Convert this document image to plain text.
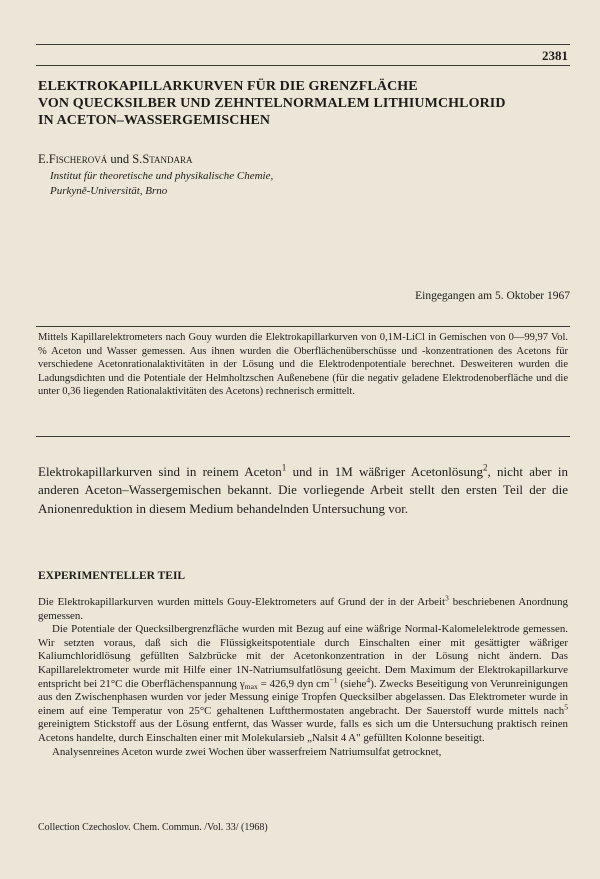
2381
ELEKTROKAPILLARKURVEN FÜR DIE GRENZFLÄCHE
VON QUECKSILBER UND ZEHNTELNORMALEM LITHIUMCHLORID
IN ACETON–WASSERGEMISCHEN
E.Fischerová und S.Standara
Institut für theoretische und physikalische Chemie,
Purkyně-Universität, Brno
Eingegangen am 5. Oktober 1967

Mittels Kapillarelektrometers nach Gouy wurden die Elektrokapillarkurven von 0,1M-LiCl in Gemischen von 0—99,97 Vol. % Aceton und Wasser gemessen. Aus ihnen wurden die Oberflächenüberschüsse und -konzentrationen des Acetons für verschiedene Acetonrationalaktivitäten in der Lösung und die Elektrodenpotentiale berechnet. Desweiteren wurden die Ladungsdichten und die Potentiale der Helmholtzschen Außenebene (für die negativ geladene Elektrodenoberfläche und die unter 0,36 liegenden Rationalaktivitäten des Acetons) rechnerisch ermittelt.

Elektrokapillarkurven sind in reinem Aceton$^1$ und in 1M wäßriger Acetonlösung$^2$, nicht aber in anderen Aceton–Wassergemischen bekannt. Die vorliegende Arbeit stellt den ersten Teil der die Anionenreduktion in diesem Medium behandelnden Untersuchung vor.

EXPERIMENTELLER TEIL

Die Elektrokapillarkurven wurden mittels Gouy-Elektrometers auf Grund der in der Arbeit$^3$ beschriebenen Anordnung gemessen.

Die Potentiale der Quecksilbergrenzfläche wurden mit Bezug auf eine wäßrige Normal-Kalomelelektrode gemessen. Wir setzten voraus, daß sich die Flüssigkeitspotentiale durch Einschalten einer mit gesättigter wäßriger Kaliumchloridlösung gefüllten Salzbrücke mit der Acetonkonzentration in der Lösung nicht ändern. Das Kapillarelektrometer wurde mit Hilfe einer 1N-Natriumsulfatlösung geeicht. Dem Maximum der Elektrokapillarkurve entspricht bei 21°C die Oberflächenspannung $\gamma_{max} = 426,9$ dyn $cm^{-1}$ (siehe$^4$). Zwecks Beseitigung von Verunreinigungen aus den Zwischenphasen wurden vor jeder Messung einige Tropfen Quecksilber abgelassen. Das Elektrometer wurde in einem auf eine Temperatur von 25°C gehaltenen Luftthermostaten angebracht. Der Sauerstoff wurde mittels nach$^5$ gereinigtem Stickstoff aus der Lösung entfernt, das Wasser wurde, falls es sich um die Untersuchung praktisch reinen Acetons handelte, durch Einschalten einer mit Molekularsieb „Nalsit 4 A" gefüllten Kolonne beseitigt.

Analysenreines Aceton wurde zwei Wochen über wasserfreiem Natriumsulfat getrocknet,

Collection Czechoslov. Chem. Commun. /Vol. 33/ (1968)
